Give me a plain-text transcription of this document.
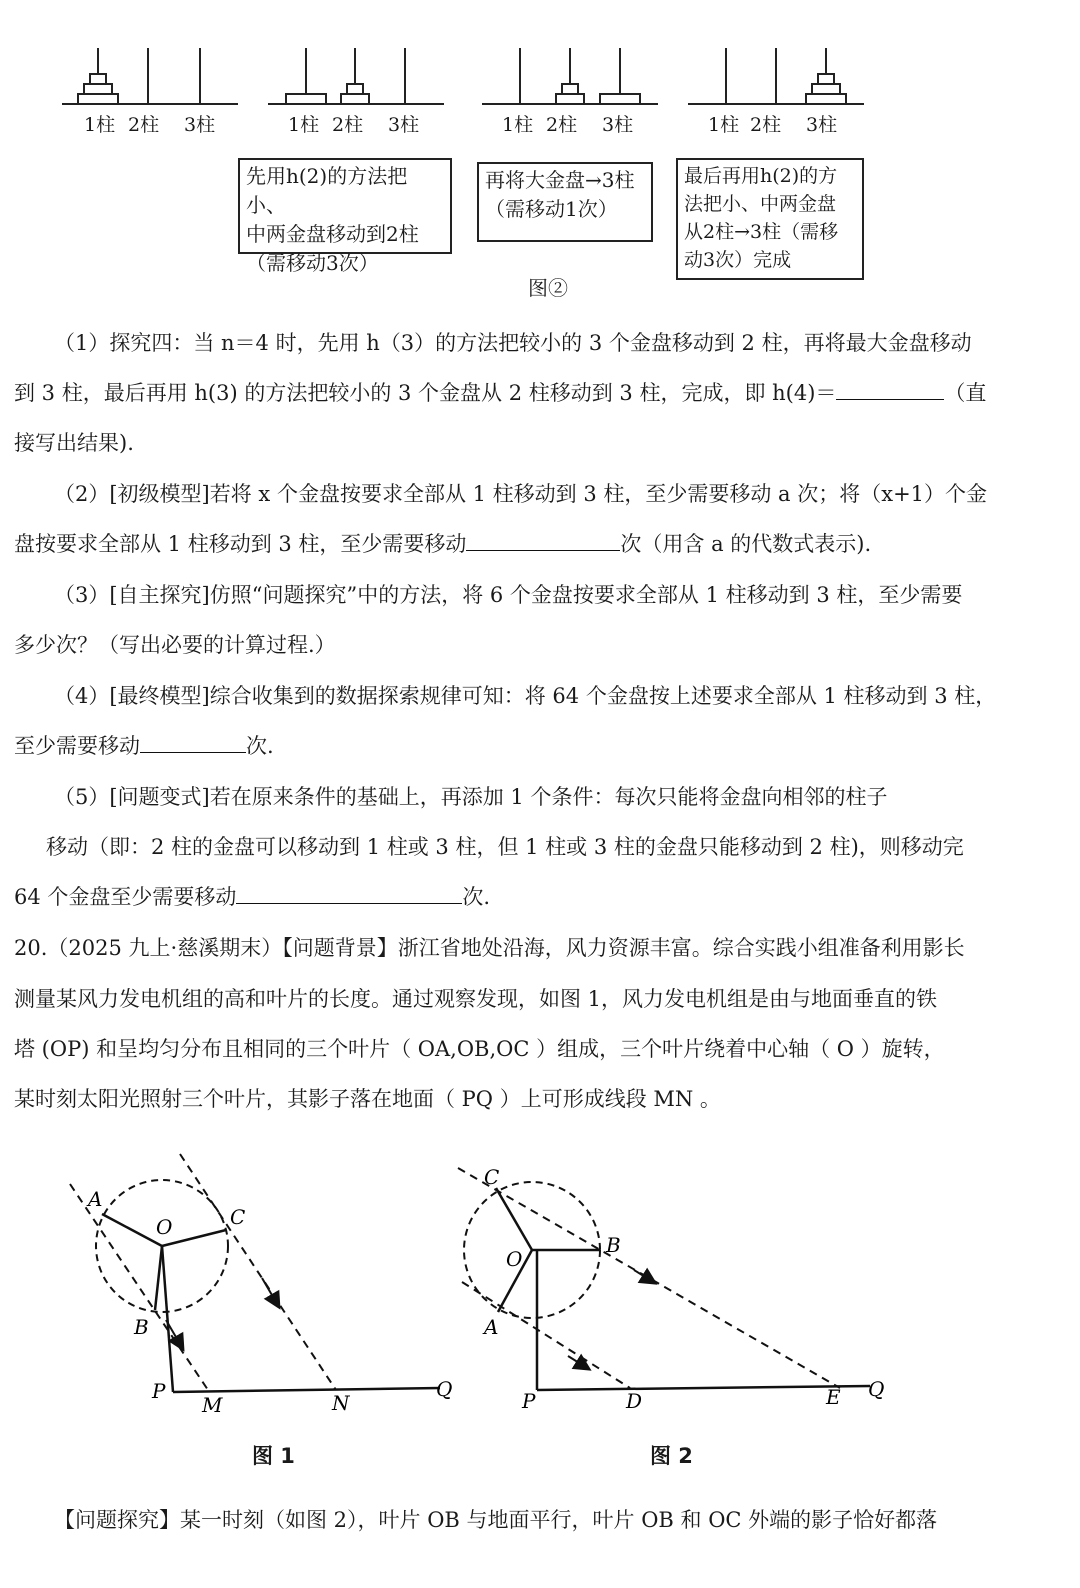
1柱 2柱 3柱	1柱 2柱 3柱	1柱 2柱 3柱	1柱 2柱 3柱
先用h(2)的方法把小、
中两金盘移动到2柱
（需移动3次）
再将大金盘→3柱
（需移动1次）
最后再用h(2)的方
法把小、中两金盘
从2柱→3柱（需移
动3次）完成
图②
（1）探究四：当 n＝4 时，先用 h（3）的方法把较小的 3 个金盘移动到 2 柱，再将最大金盘移动
到 3 柱，最后再用 h(3) 的方法把较小的 3 个金盘从 2 柱移动到 3 柱，完成，即 h(4)＝	（直
接写出结果).
（2）[初级模型]若将 x 个金盘按要求全部从 1 柱移动到 3 柱，至少需要移动 a 次；将（x+1）个金
盘按要求全部从 1 柱移动到 3 柱，至少需要移动	次（用含 a 的代数式表示).
（3）[自主探究]仿照“问题探究”中的方法，将 6 个金盘按要求全部从 1 柱移动到 3 柱，至少需要
多少次？（写出必要的计算过程.）
（4）[最终模型]综合收集到的数据探索规律可知：将 64 个金盘按上述要求全部从 1 柱移动到 3 柱，
至少需要移动	次.
（5）[问题变式]若在原来条件的基础上，再添加 1 个条件：每次只能将金盘向相邻的柱子
移动（即：2 柱的金盘可以移动到 1 柱或 3 柱，但 1 柱或 3 柱的金盘只能移动到 2 柱)，则移动完
64 个金盘至少需要移动	次.
20.（2025 九上·慈溪期末）【问题背景】浙江省地处沿海，风力资源丰富。综合实践小组准备利用影长
测量某风力发电机组的高和叶片的长度。通过观察发现，如图 1，风力发电机组是由与地面垂直的铁
塔 (OP) 和呈均匀分布且相同的三个叶片（ OA,OB,OC ）组成，三个叶片绕着中心轴（ O ）旋转，
某时刻太阳光照射三个叶片，其影子落在地面（ PQ ）上可形成线段 MN 。
A
O	C
B
P
M	N
Q
图 1
C
B
O
A
P	D	E Q
图 2
【问题探究】某一时刻（如图 2），叶片 OB 与地面平行，叶片 OB 和 OC 外端的影子恰好都落
